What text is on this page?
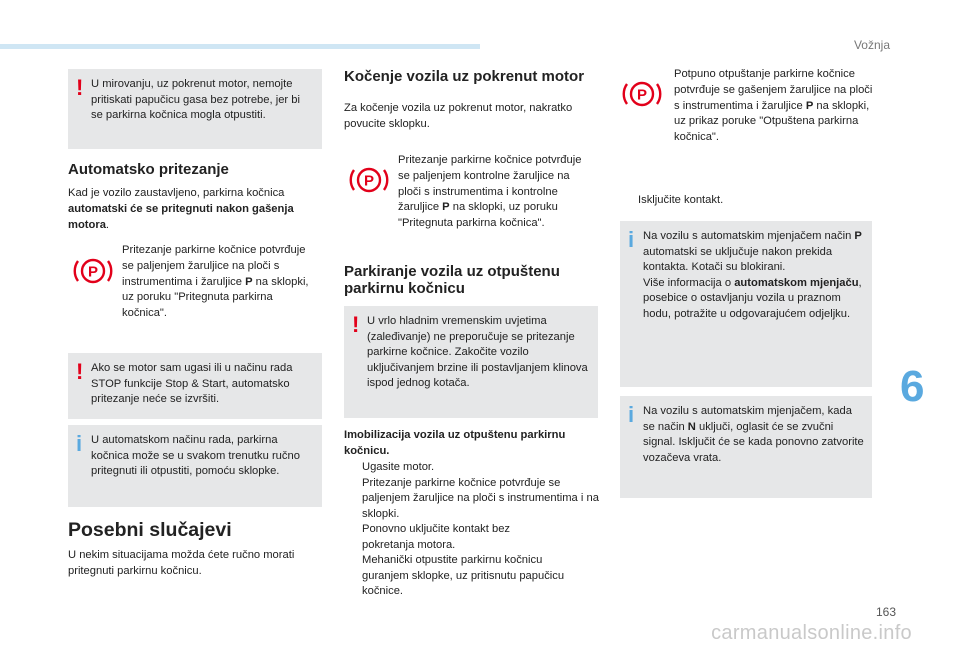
Vožnja
6
! U mirovanju, uz pokrenut motor, nemojte pritiskati papučicu gasa bez potrebe, jer bi se parkirna kočnica mogla otpustiti.
Automatsko pritezanje
Kad je vozilo zaustavljeno, parkirna kočnica automatski će se pritegnuti nakon gašenja motora.
P
Pritezanje parkirne kočnice potvrđuje se paljenjem žaruljice na ploči s instrumentima i žaruljice P na sklopki, uz poruku "Pritegnuta parkirna kočnica".
! Ako se motor sam ugasi ili u načinu rada STOP funkcije Stop & Start, automatsko pritezanje neće se izvršiti.
i U automatskom načinu rada, parkirna kočnica može se u svakom trenutku ručno pritegnuti ili otpustiti, pomoću sklopke.
Posebni slučajevi
U nekim situacijama možda ćete ručno morati pritegnuti parkirnu kočnicu.
Kočenje vozila uz pokrenut motor
Za kočenje vozila uz pokrenut motor, nakratko povucite sklopku.
P
Pritezanje parkirne kočnice potvrđuje se paljenjem kontrolne žaruljice na ploči s instrumentima i kontrolne žaruljice P na sklopki, uz poruku "Pritegnuta parkirna kočnica".
Parkiranje vozila uz otpuštenu
parkirnu kočnicu
! U vrlo hladnim vremenskim uvjetima (zaleđivanje) ne preporučuje se pritezanje parkirne kočnice. Zakočite vozilo uključivanjem brzine ili postavljanjem klinova ispod jednog kotača.
Imobilizacija vozila uz otpuštenu parkirnu kočnicu.
Ugasite motor.
Pritezanje parkirne kočnice potvrđuje se paljenjem žaruljice na ploči s instrumentima i na sklopki.
Ponovno uključite kontakt bez pokretanja motora.
Mehanički otpustite parkirnu kočnicu guranjem sklopke, uz pritisnutu papučicu kočnice.
P
Potpuno otpuštanje parkirne kočnice potvrđuje se gašenjem žaruljice na ploči s instrumentima i žaruljice P na sklopki, uz prikaz poruke "Otpuštena parkirna kočnica".
Isključite kontakt.
i Na vozilu s automatskim mjenjačem način P automatski se uključuje nakon prekida kontakta. Kotači su blokirani.
Više informacija o automatskom mjenjaču, posebice o ostavljanju vozila u praznom hodu, potražite u odgovarajućem odjeljku.
i Na vozilu s automatskim mjenjačem, kada se način N uključi, oglasit će se zvučni signal. Isključit će se kada ponovno zatvorite vozačeva vrata.
163
carmanualsonline.info
